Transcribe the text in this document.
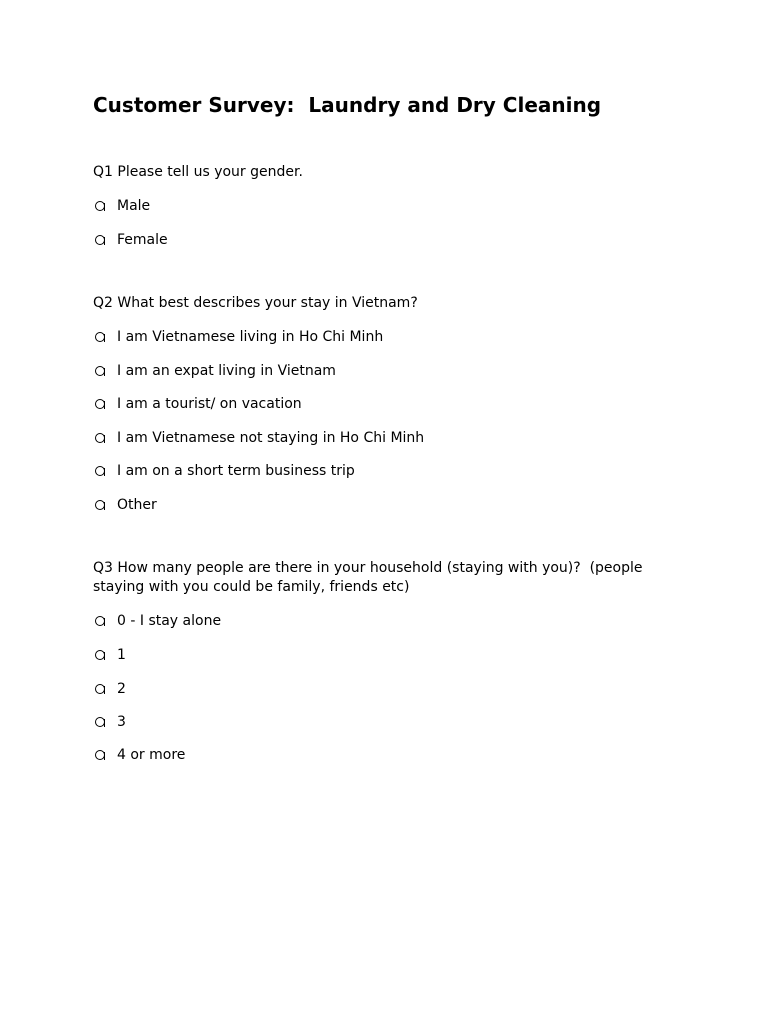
Customer Survey:  Laundry and Dry Cleaning

Q1 Please tell us your gender.

Male
Female

Q2 What best describes your stay in Vietnam?

I am Vietnamese living in Ho Chi Minh
I am an expat living in Vietnam
I am a tourist/ on vacation
I am Vietnamese not staying in Ho Chi Minh
I am on a short term business trip
Other

Q3 How many people are there in your household (staying with you)?  (people staying with you could be family, friends etc)

0 - I stay alone
1
2
3
4 or more
